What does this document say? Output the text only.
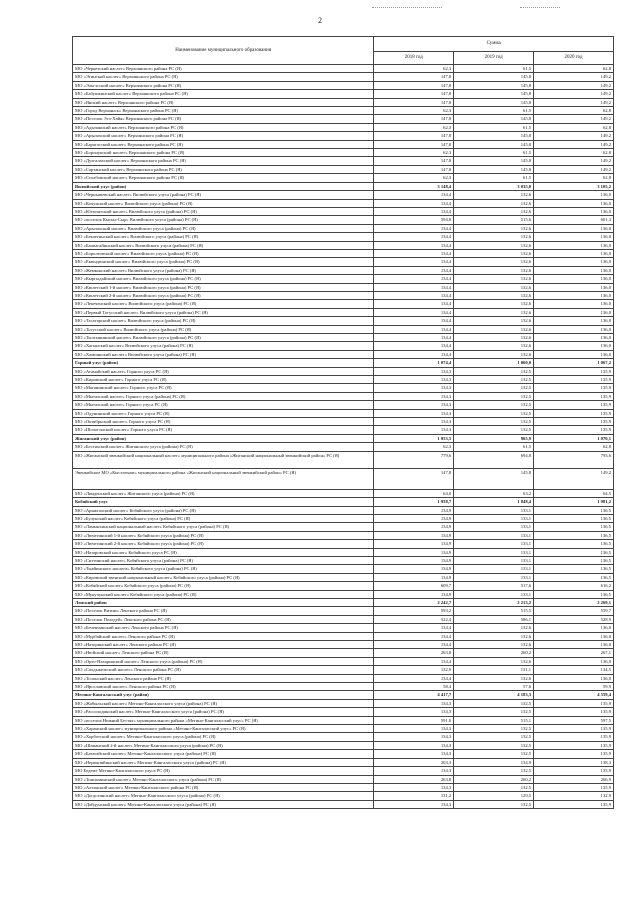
2
Наименование муниципального образования	Сумма		
	2018 год	2019 год	2020 год
МО «Черкехский наслег» Верхоянского района РС (Я)	62,3	61,5	62,8
МО «Эгинский наслег» Верхоянского района РС (Я)	147,8	145,8	149,2
МО «Эльгэсский наслег» Верхоянского района РС (Я)	147,8	145,8	149,2
МО «Бабушкинский наслег» Верхоянского района РС (Я)	147,8	145,8	149,2
МО «Янский наслег» Верхоянского района РС (Я)	147,8	145,8	149,2
МО «Город Верхоянск» Верхоянского района РС (Я)	62,3	61,5	62,8
МО «Поселок Эсэ-Хайя» Верхоянского района РС (Я)	147,8	145,8	149,2
МО «Адычанский наслег» Верхоянского района РС (Я)	62,3	61,5	62,8
МО «Арылахский наслег» Верхоянского района РС (Я)	147,8	145,8	149,2
МО «Барагасский наслег» Верхоянского района РС (Я)	147,8	145,8	149,2
МО «Боронукский наслег» Верхоянского района РС (Я)	62,3	61,5	62,8
МО «Дулгалахский наслег» Верхоянского района РС (Я)	147,8	145,8	149,2
МО «Сартанский наслег» Верхоянского района РС (Я)	147,8	145,8	149,2
МО «Столбовский наслег» Верхоянского района РС (Я)	62,3	61,5	62,8
Вилюйский улус (район)	3 148,4	3 035,0	3 105,2
МО «Чернышевский наслег» Вилюйского улуса (района) РС (Я)	134,4	132,6	136,0
МО «Кочунский наслег» Вилюйского улуса (района) РС (Я)	134,4	132,6	136,0
МО «Югюлятский наслег» Вилюйского улуса (района) РС (Я)	134,4	132,6	136,0
МО «поселок Кысыл-Сыр» Вилюйского улуса (района) РС (Я)	594,8	515,6	601,3
МО «Арылахский наслег» Вилюйского улуса (района) РС (Я)	134,4	132,6	136,0
МО «Бекчегинский наслег» Вилюйского улуса (района) РС (Я)	134,4	132,6	136,0
МО «Баппагайинский наслег» Вилюйского улуса (района) РС (Я)	134,4	132,6	136,0
МО «Боролтовский наслег» Вилюйского улуса (района) РС (Я)	134,4	132,6	136,0
МО «Екюндюнский наслег» Вилюйского улуса (района) РС (Я)	134,4	132,6	136,0
МО «Жемконский наслег» Вилюйского улуса (района) РС (Я)	134,4	132,6	136,0
МО «Кыргыдайский наслег» Вилюйского улуса (района) РС (Я)	134,4	132,6	136,0
МО «Кюлетский 1-й наслег» Вилюйского улуса (района) РС (Я)	134,4	132,6	136,0
МО «Кюлетский 2-й наслег» Вилюйского улуса (района) РС (Я)	134,4	132,6	136,0
МО «Лекеченский наслег» Вилюйского улуса (района) РС (Я)	134,4	132,6	136,0
МО «Первый Тогусский наслег» Вилюйского улуса (района) РС (Я)	134,4	132,6	136,0
МО «Тасагарский наслег» Вилюйского улуса (района) РС (Я)	134,4	132,6	136,0
МО «Тогусский наслег» Вилюйского улуса (района) РС (Я)	134,4	132,6	136,0
МО «Тылгынинский наслег» Вилюйского улуса (района) РС (Я)	134,4	132,6	136,0
МО «Хагынский наслег» Вилюйского улуса (района) РС (Я)	134,4	132,6	136,0
МО «Хампинский наслег» Вилюйского улуса (района) РС (Я)	134,4	132,6	136,0
Горный улус (район)	1 074,4	1 060,0	1 067,2
МО «Атамайский наслег» Горного улуса РС (Я)	134,3	132,5	135,9
МО «Кировский наслег» Горного улуса РС (Я)	134,3	132,5	135,9
МО «Маганинский наслег» Горного улуса РС (Я)	134,3	132,5	135,9
МО «Мытахский наслег» Горного улуса (района) РС (Я)	134,3	132,5	135,9
МО «Мытахский наслег» Горного улуса РС (Я)	134,3	132,5	135,9
МО «Одунинский наслег» Горного улуса РС (Я)	134,3	132,5	135,9
МО «Октябрьский наслег» Горного улуса РС (Я)	134,3	132,5	135,9
МО «Шологонский наслег» Горного улуса РС (Я)	134,3	132,5	135,9
Жиганский улус (район)	1 053,5	965,9	1 070,1
МО «Бестяхский наслег» Жиганского улуса (района) РС (Я)	62,3	61,5	62,8
МО «Жиганский эвенкийский национальный наслег» муниципального района «Жиганский национальный эвенкийский район» РС (Я)	779,6	694,8	793,6
Эвенкийское МО «Кыстатыам» муниципального района «Жиганский национальный эвенкийский район» РС (Я)	147,8	145,8	149,2
МО «Линденский наслег» Жиганского улуса (района) РС (Я)	64,0	63,2	64,5
Кобяйский улус	1 958,7	1 848,4	1 981,2
МО «Арыктахский наслег» Кобяйского улуса (района) РС (Я)	134,9	133,1	136,5
МО «Булунский наслег» Кобяйского улуса (района) РС (Я)	134,9	133,1	136,5
МО «Ламынхинский национальный наслег» Кобяйского улуса (района) РС (Я)	134,9	133,1	136,5
МО «Лючегинский 1-й наслег» Кобяйского улуса (района) РС (Я)	134,9	133,1	136,5
МО «Лючегинский 2-й наслег» Кобяйского улуса (района) РС (Я)	134,9	133,1	136,5
МО «Назаровский наслег» Кобяйского улуса РС (Я)	134,9	133,1	136,5
МО «Ситтинский наслег» Кобяйского улуса (района) РС (Я)	134,9	133,1	136,5
МО «Тыайинского наслега» Кобяйского улуса (района) РС (Я)	134,9	133,1	136,5
МО «Кировский эвенский национальный наслег» Кобяйского улуса (района) РС (Я)	134,9	133,1	136,5
МО «Кобяйский наслег» Кобяйского улуса (района) РС (Я)	609,7	517,6	616,2
МО «Мукучунский наслег» Кобяйского улуса (района) РС (Я)	134,9	133,1	136,5
Ленский район	2 242,7	2 213,2	2 269,1
МО «Поселок Витим» Ленского района РС (Я)	593,2	515,5	559,7
МО «Поселок Пеледуй» Ленского района РС (Я)	522,4	586,1	528,9
МО «Беченчинский наслег» Ленского района РС (Я)	134,4	132,6	136,0
МО «Мурбайский наслег» Ленского района РС (Я)	134,4	132,6	136,0
МО «Наторинский наслег» Ленского района РС (Я)	134,4	132,6	136,0
МО «Нюйский наслег» Ленского района РС (Я)	263,8	260,2	267,1
МО «Орто-Нахаринский наслег» Ленского улуса (района) РС (Я)	134,4	132,6	136,0
МО «Салдыкельский наслег» Ленского района РС (Я)	132,9	131,1	134,5
МО «Толонский наслег» Ленского района РС (Я)	134,4	132,6	136,0
МО «Ярославский наслег» Ленского района РС (Я)	58,4	57,6	59,9
Мегино-Кангаласский улус (район)	4 417,7	4 183,3	4 559,4
МО «Жабыльский наслег» Мегино-Кангаласского улуса (района) РС (Я)	134,3	132,5	135,9
МО «Рассолодинский наслег» Мегино-Кангаласского улуса (района) РС (Я)	134,3	132,5	135,9
МО «поселок Нижний Бестях» муниципального района «Мегино-Кангаласский улус» РС (Я)	591,0	515,1	597,5
МО «Харанский наслег» муниципального района «Мегино-Кангаласский улус» РС (Я)	134,3	132,5	135,9
МО «Хорботский наслег» Мегино-Кангаласского улуса (района) РС (Я)	134,3	132,5	135,9
МО «Шаманский 2-й наслег» Мегино-Кангаласского улуса (района) РС (Я)	134,3	132,5	135,9
МО «Батагайский наслег» Мегино-Кангаласского улуса (района) РС (Я)	134,3	132,5	135,9
МО «Нерюктяйинский наслег» Мегино-Кангаласского улуса (района) РС (Я)	203,3	134,9	138,3
МО Бедеме Мегино-Кангаласского улуса РС (Я)	134,3	132,5	135,9
МО «Томпоминский наслег» Мегино-Кангаласского улуса (района) РС (Я)	263,8	260,2	266,9
МО «Алтанский наслег» Мегино-Кангаласского района РС (Я)	134,3	132,5	135,9
МО «Догдогинский наслег» Мегино-Кангаласского улуса (района) РС (Я)	131,2	129,5	132,9
МО «Дойдунский наслег» Мегино-Кангаласского улуса (района) РС (Я)	134,3	132,5	135,9
